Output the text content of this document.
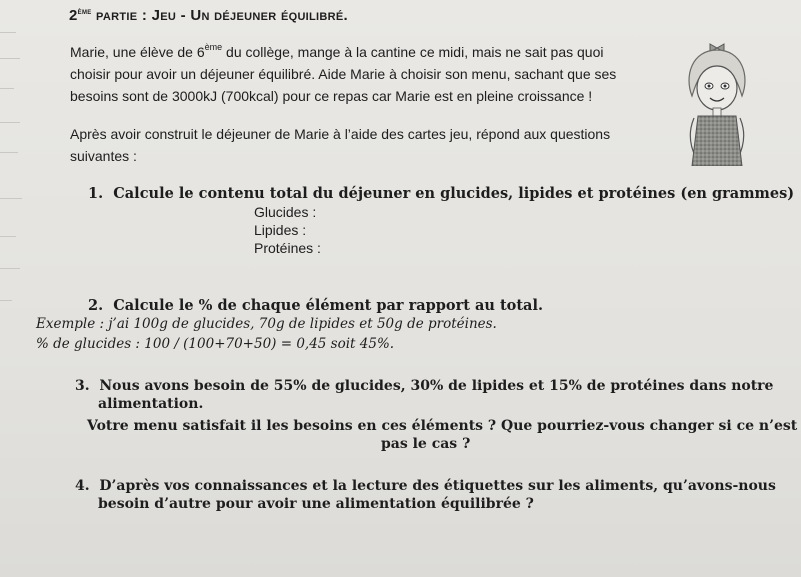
2ème partie : Jeu - Un déjeuner équilibré.
Marie, une élève de 6ème du collège, mange à la cantine ce midi, mais ne sait pas quoi
choisir pour avoir un déjeuner équilibré. Aide Marie à choisir son menu, sachant que ses
besoins sont de 3000kJ (700kcal) pour ce repas car Marie est en pleine croissance !
Après avoir construit le déjeuner de Marie à l’aide des cartes jeu, répond aux questions
suivantes :
1. Calcule le contenu total du déjeuner en glucides, lipides et protéines (en grammes)
Glucides :
Lipides :
Protéines :
2. Calcule le % de chaque élément par rapport au total.
Exemple : j’ai 100g de glucides, 70g de lipides et 50g de protéines.
% de glucides : 100 / (100+70+50) = 0,45 soit 45%.
3. Nous avons besoin de 55% de glucides, 30% de lipides et 15% de protéines dans notre
alimentation.
Votre menu satisfait il les besoins en ces éléments ? Que pourriez-vous changer si ce n’est
pas le cas ?
4. D’après vos connaissances et la lecture des étiquettes sur les aliments, qu’avons-nous
besoin d’autre pour avoir une alimentation équilibrée ?
